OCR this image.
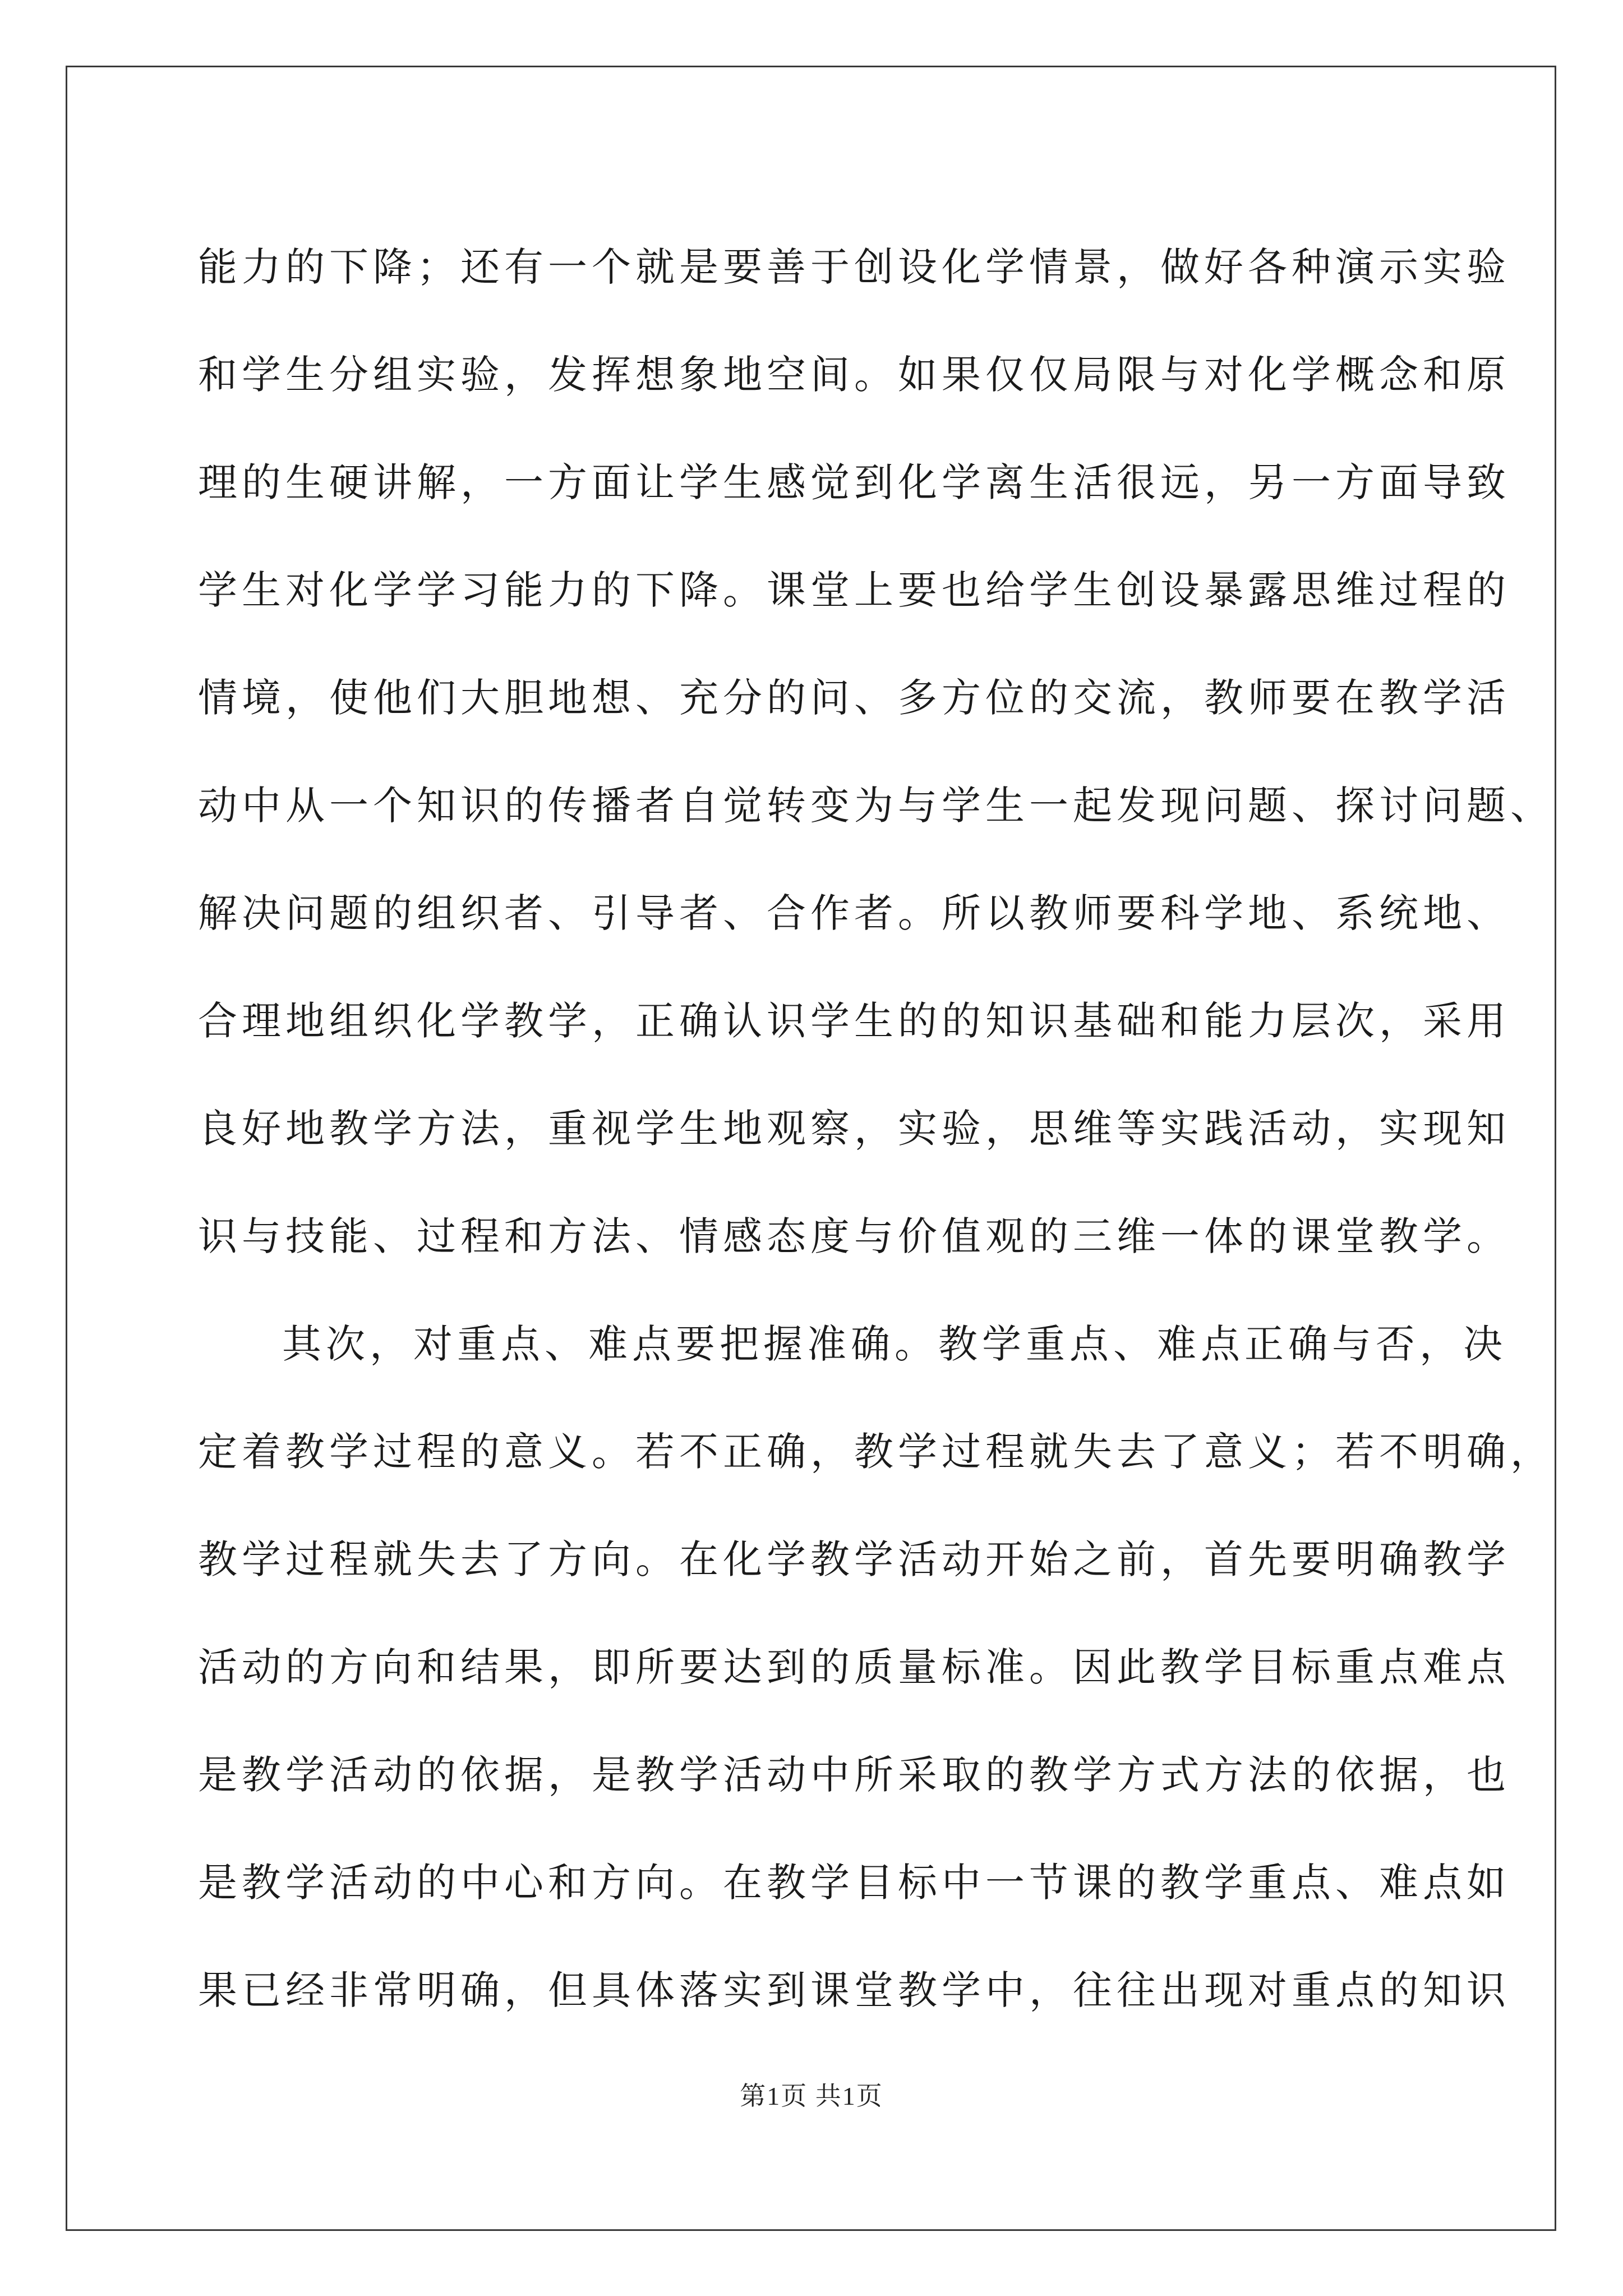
能力的下降；还有一个就是要善于创设化学情景，做好各种演示实验
和学生分组实验，发挥想象地空间。如果仅仅局限与对化学概念和原
理的生硬讲解，一方面让学生感觉到化学离生活很远，另一方面导致
学生对化学学习能力的下降。课堂上要也给学生创设暴露思维过程的
情境，使他们大胆地想、充分的问、多方位的交流，教师要在教学活
动中从一个知识的传播者自觉转变为与学生一起发现问题、探讨问题、
解决问题的组织者、引导者、合作者。所以教师要科学地、系统地、
合理地组织化学教学，正确认识学生的的知识基础和能力层次，采用
良好地教学方法，重视学生地观察，实验，思维等实践活动，实现知
识与技能、过程和方法、情感态度与价值观的三维一体的课堂教学。
其次，对重点、难点要把握准确。教学重点、难点正确与否，决
定着教学过程的意义。若不正确，教学过程就失去了意义；若不明确，
教学过程就失去了方向。在化学教学活动开始之前，首先要明确教学
活动的方向和结果，即所要达到的质量标准。因此教学目标重点难点
是教学活动的依据，是教学活动中所采取的教学方式方法的依据，也
是教学活动的中心和方向。在教学目标中一节课的教学重点、难点如
果已经非常明确，但具体落实到课堂教学中，往往出现对重点的知识
第1页 共1页
